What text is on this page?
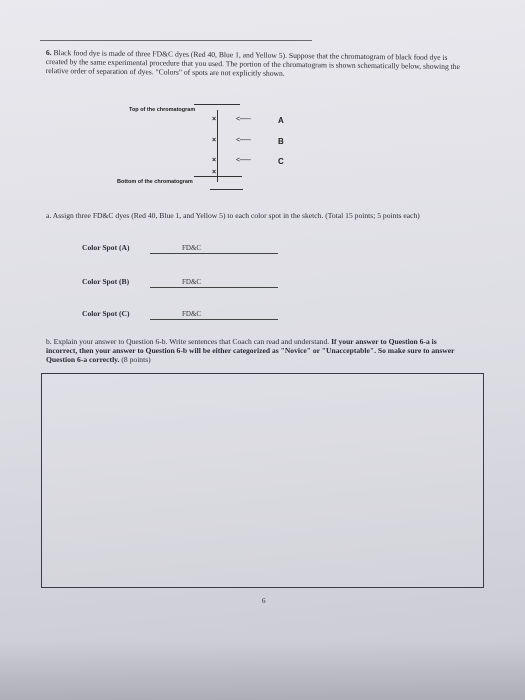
6. Black food dye is made of three FD&C dyes (Red 40, Blue 1, and Yellow 5). Suppose that the chromatogram of black food dye is created by the same experimental procedure that you used. The portion of the chromatogram is shown schematically below, showing the relative order of separation of dyes. "Colors" of spots are not explicitly shown.
Top of the chromatogram
×	<------	A
×	<------	B
×	<------	C
×
Bottom of the chromatogram
a. Assign three FD&C dyes (Red 40, Blue 1, and Yellow 5) to each color spot in the sketch. (Total 15 points; 5 points each)
Color Spot (A)	FD&C
Color Spot (B)	FD&C
Color Spot (C)	FD&C
b. Explain your answer to Question 6-b. Write sentences that Coach can read and understand. If your answer to Question 6-a is incorrect, then your answer to Question 6-b will be either categorized as "Novice" or "Unacceptable". So make sure to answer Question 6-a correctly. (8 points)
6
